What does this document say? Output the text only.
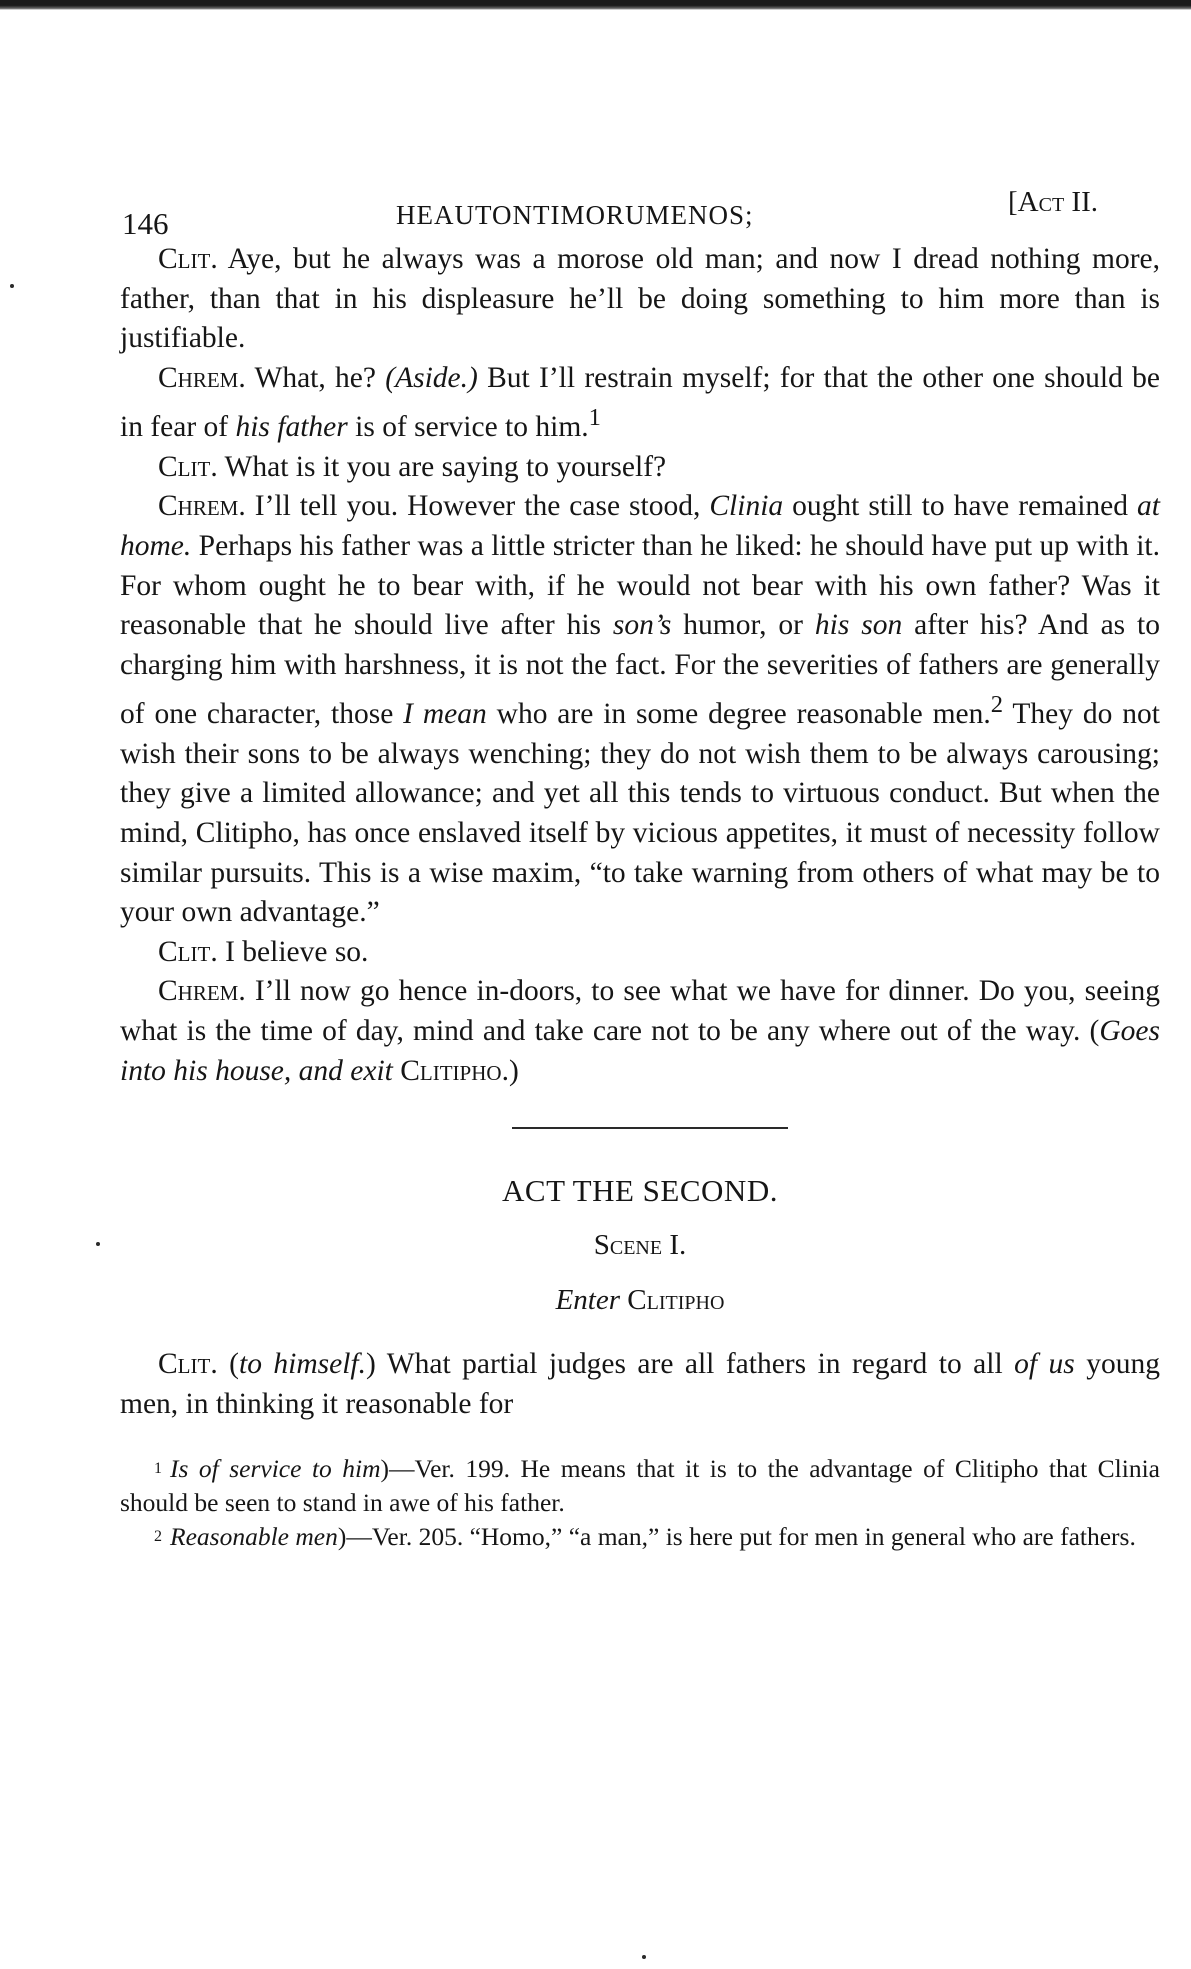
146	HEAUTONTIMORUMENOS;	[Act II.

Clit. Aye, but he always was a morose old man; and now I dread nothing more, father, than that in his displeasure he’ll be doing something to him more than is justifiable.

Chrem. What, he? (Aside.) But I’ll restrain myself; for that the other one should be in fear of his father is of service to him.$^1$

Clit. What is it you are saying to yourself?

Chrem. I’ll tell you. However the case stood, Clinia ought still to have remained at home. Perhaps his father was a little stricter than he liked: he should have put up with it. For whom ought he to bear with, if he would not bear with his own father? Was it reasonable that he should live after his son’s humor, or his son after his? And as to charging him with harshness, it is not the fact. For the severities of fathers are generally of one character, those I mean who are in some degree reasonable men.$^2$ They do not wish their sons to be always wenching; they do not wish them to be always carousing; they give a limited allowance; and yet all this tends to virtuous conduct. But when the mind, Clitipho, has once enslaved itself by vicious appetites, it must of necessity follow similar pursuits. This is a wise maxim, “to take warning from others of what may be to your own advantage.”

Clit. I believe so.

Chrem. I’ll now go hence in-doors, to see what we have for dinner. Do you, seeing what is the time of day, mind and take care not to be any where out of the way. (Goes into his house, and exit Clitipho.)

ACT THE SECOND.
Scene I.
Enter Clitipho

Clit. (to himself.) What partial judges are all fathers in regard to all of us young men, in thinking it reasonable for

1 Is of service to him)—Ver. 199. He means that it is to the advantage of Clitipho that Clinia should be seen to stand in awe of his father.

2 Reasonable men)—Ver. 205. “Homo,” “a man,” is here put for men in general who are fathers.
